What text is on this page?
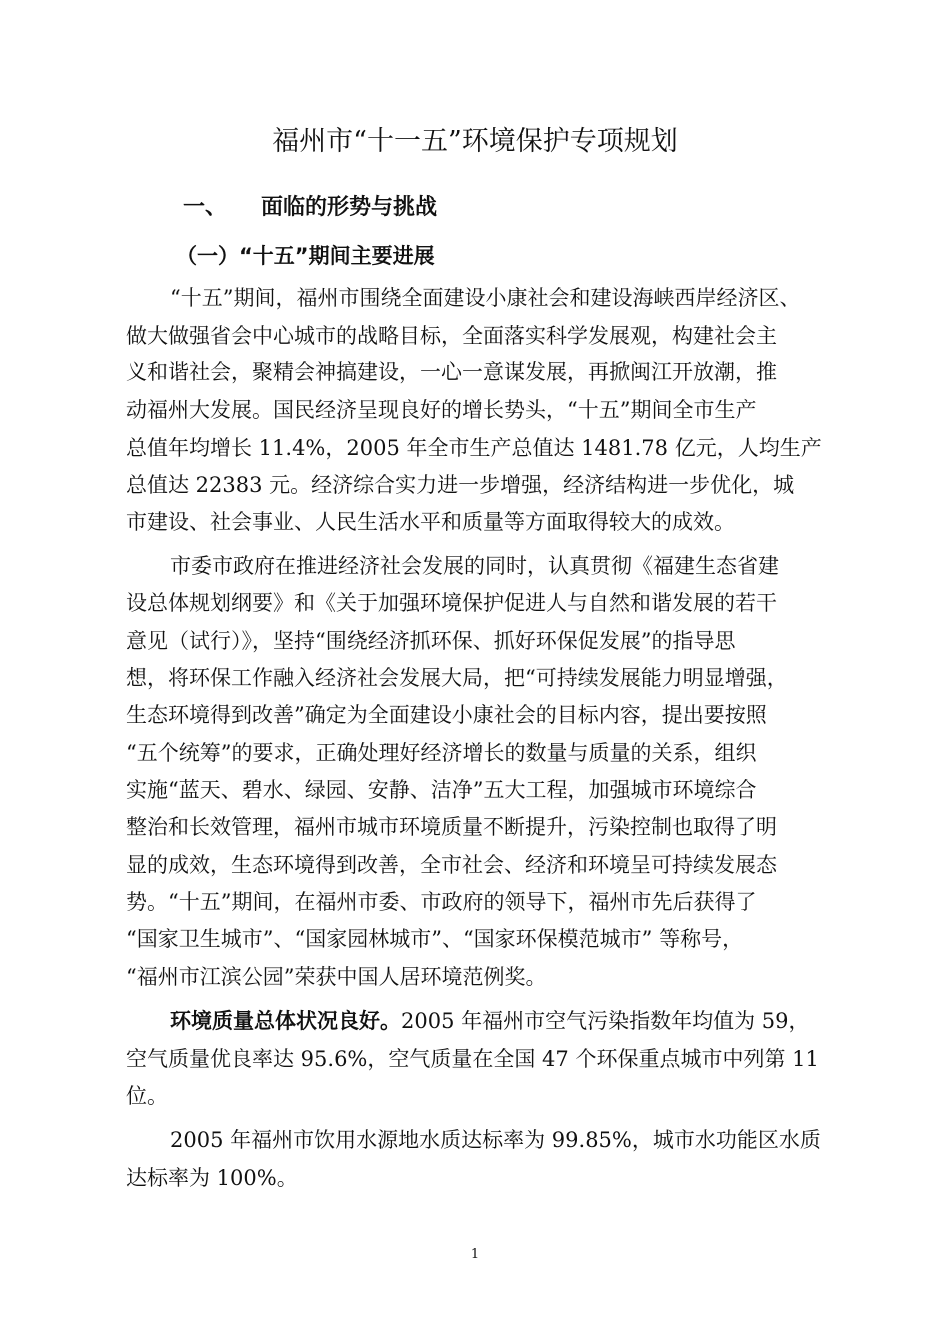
福州市“十一五”环境保护专项规划
一、 面临的形势与挑战
（一）“十五”期间主要进展

“十五”期间，福州市围绕全面建设小康社会和建设海峡西岸经济区、

做大做强省会中心城市的战略目标，全面落实科学发展观，构建社会主

义和谐社会，聚精会神搞建设，一心一意谋发展，再掀闽江开放潮，推

动福州大发展。国民经济呈现良好的增长势头，“十五”期间全市生产

总值年均增长 11.4%，2005 年全市生产总值达 1481.78 亿元，人均生产

总值达 22383 元。经济综合实力进一步增强，经济结构进一步优化，城

市建设、社会事业、人民生活水平和质量等方面取得较大的成效。

市委市政府在推进经济社会发展的同时，认真贯彻《福建生态省建

设总体规划纲要》和《关于加强环境保护促进人与自然和谐发展的若干

意见（试行）》，坚持“围绕经济抓环保、抓好环保促发展”的指导思

想，将环保工作融入经济社会发展大局，把“可持续发展能力明显增强，

生态环境得到改善”确定为全面建设小康社会的目标内容，提出要按照

“五个统筹”的要求，正确处理好经济增长的数量与质量的关系，组织

实施“蓝天、碧水、绿园、安静、洁净”五大工程，加强城市环境综合

整治和长效管理，福州市城市环境质量不断提升，污染控制也取得了明

显的成效，生态环境得到改善，全市社会、经济和环境呈可持续发展态

势。“十五”期间，在福州市委、市政府的领导下，福州市先后获得了

“国家卫生城市”、“国家园林城市”、“国家环保模范城市” 等称号，

“福州市江滨公园”荣获中国人居环境范例奖。

环境质量总体状况良好。2005 年福州市空气污染指数年均值为 59，

空气质量优良率达 95.6%，空气质量在全国 47 个环保重点城市中列第 11

位。

2005 年福州市饮用水源地水质达标率为 99.85%，城市水功能区水质

达标率为 100%。

1
